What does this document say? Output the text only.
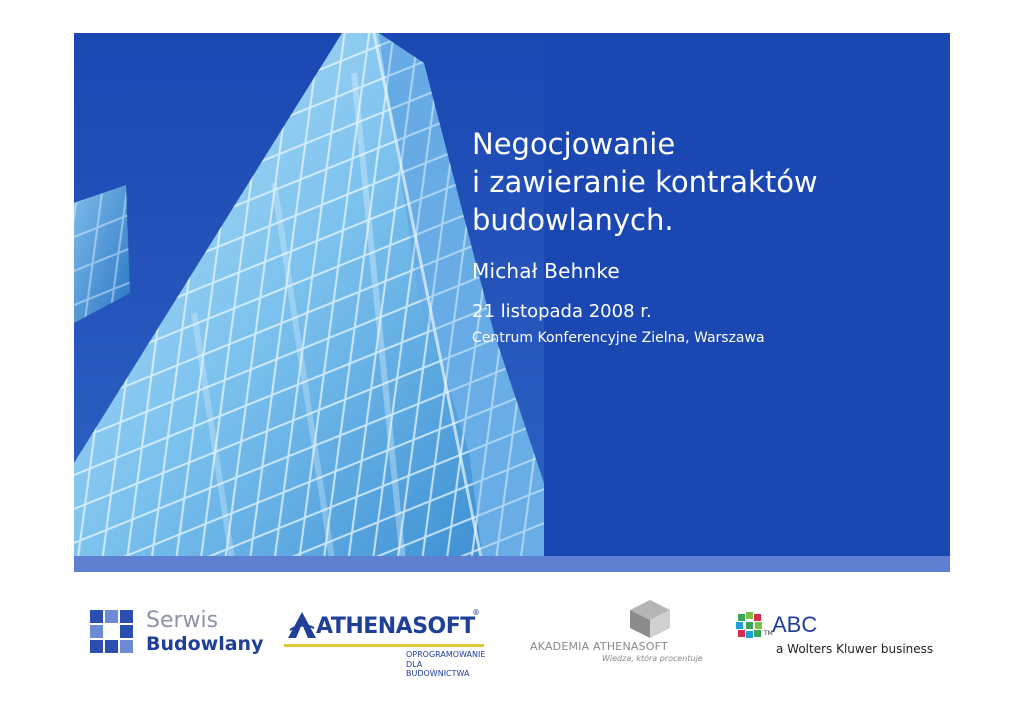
Negocjowanie
i zawieranie kontraktów
budowlanych.
Michał Behnke
21 listopada 2008 r.
Centrum Konferencyjne Zielna, Warszawa
Serwis
Budowlany
ATHENASOFT
®
OPROGRAMOWANIE
DLA BUDOWNICTWA
AKADEMIA ATHENASOFT
Wiedza, która procentuje
TM ABC
a Wolters Kluwer business
